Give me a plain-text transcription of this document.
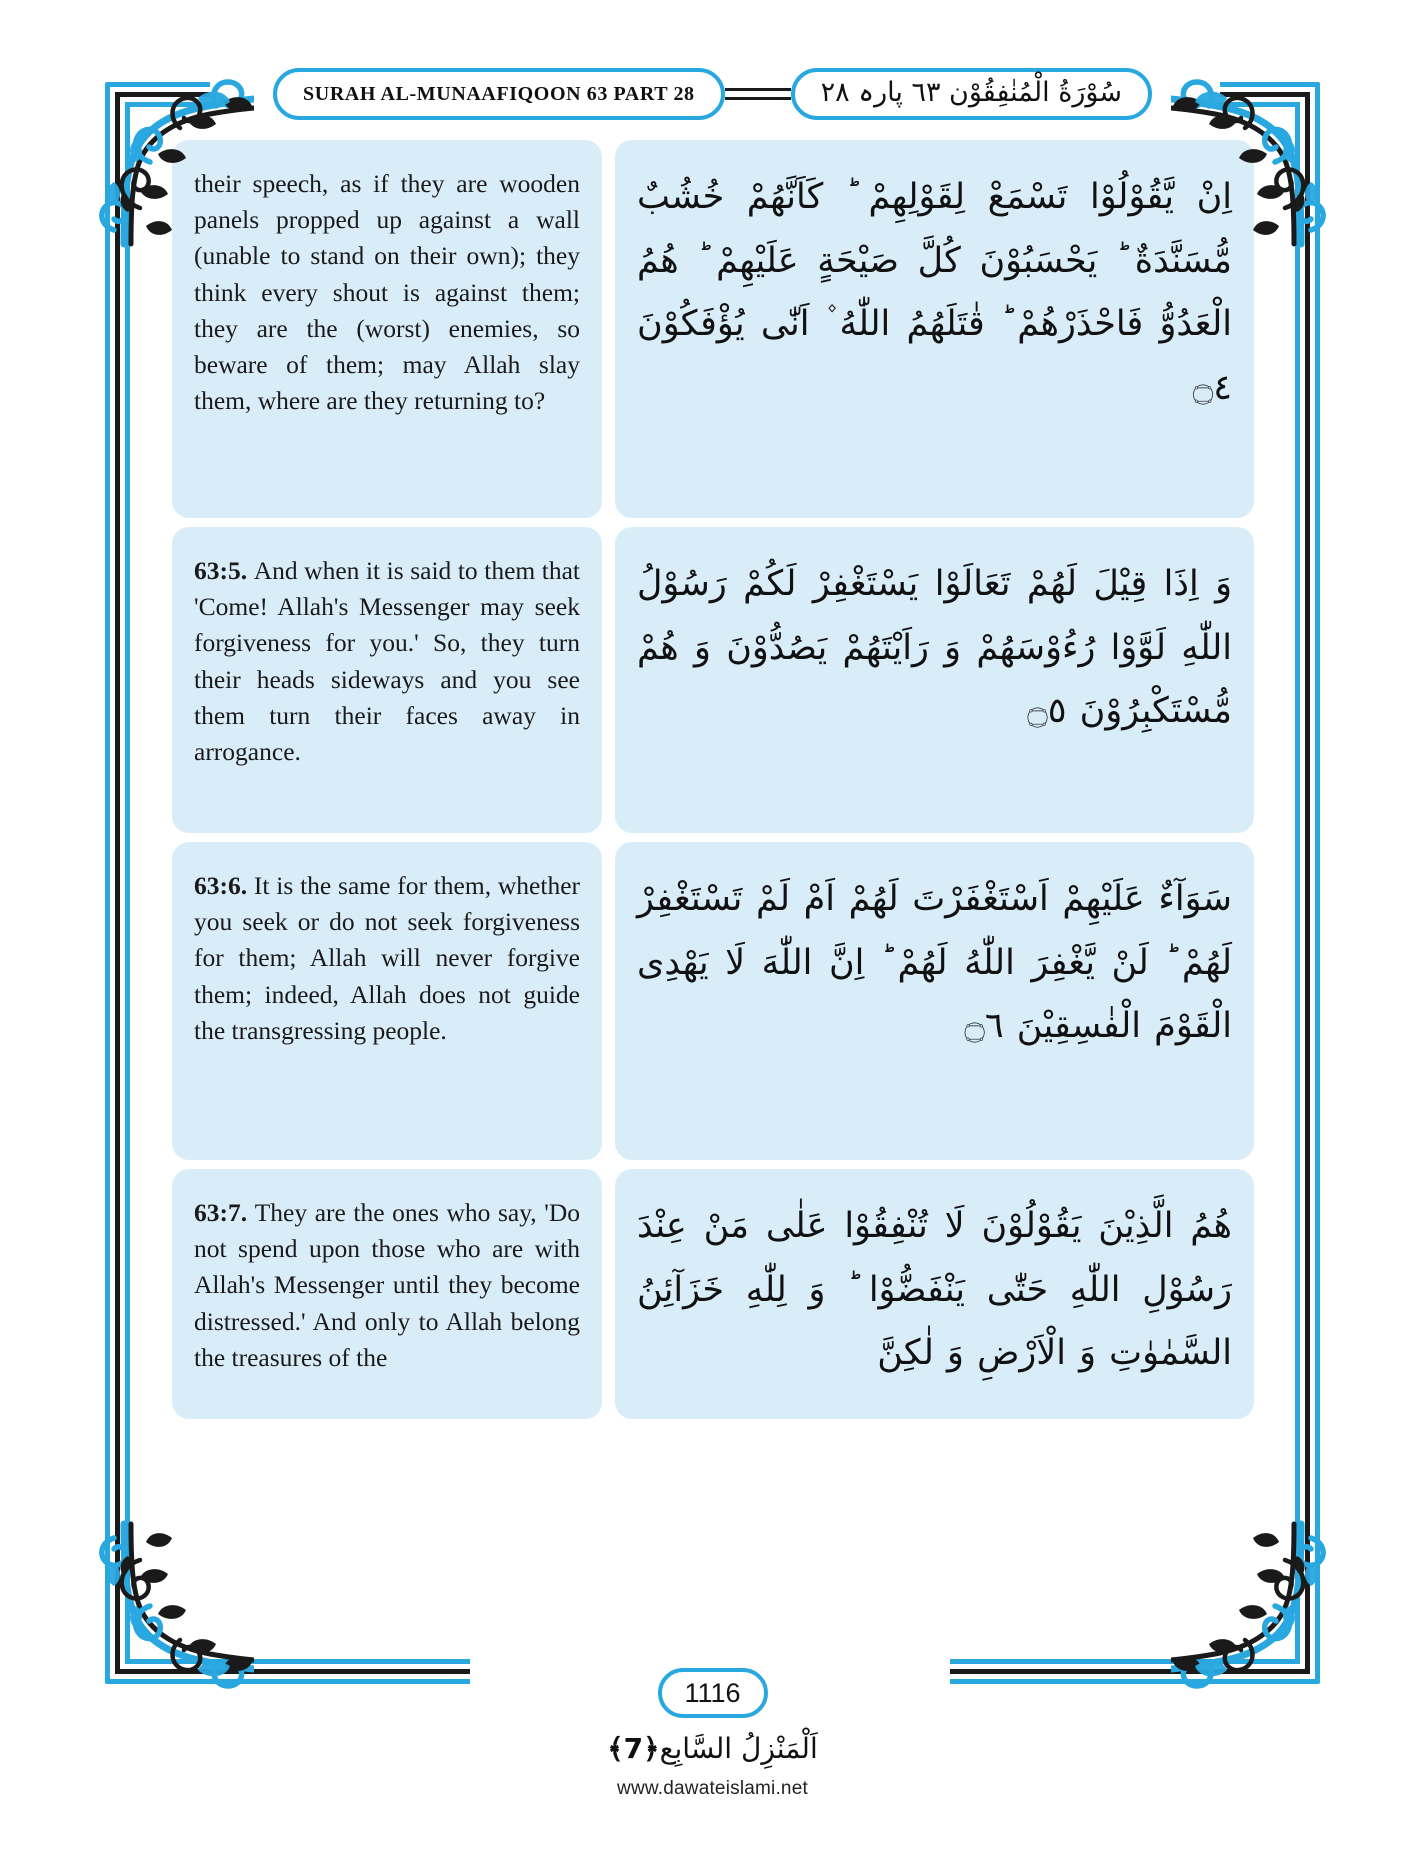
SURAH AL-MUNAAFIQOON 63 PART 28	سُوْرَةُ الْمُنٰفِقُوْن ٦٣ پارہ ٢٨
their speech, as if they are wooden panels propped up against a wall (unable to stand on their own); they think every shout is against them; they are the (worst) enemies, so beware of them; may Allah slay them, where are they returning to?
اِنْ يَّقُوْلُوْا تَسْمَعْ لِقَوْلِهِمْ ؕ كَاَنَّهُمْ خُشُبٌ مُّسَنَّدَةٌ ؕ يَحْسَبُوْنَ كُلَّ صَيْحَةٍ عَلَيْهِمْ ؕ هُمُ الْعَدُوُّ فَاحْذَرْهُمْ ؕ قٰتَلَهُمُ اللّٰهُ ۫ اَنّٰى يُؤْفَكُوْنَ ۝٤
63:5. And when it is said to them that 'Come! Allah's Messenger may seek forgiveness for you.' So, they turn their heads sideways and you see them turn their faces away in arrogance.
وَ اِذَا قِيْلَ لَهُمْ تَعَالَوْا يَسْتَغْفِرْ لَكُمْ رَسُوْلُ اللّٰهِ لَوَّوْا رُءُوْسَهُمْ وَ رَاَيْتَهُمْ يَصُدُّوْنَ وَ هُمْ مُّسْتَكْبِرُوْنَ ۝٥
63:6. It is the same for them, whether you seek or do not seek forgiveness for them; Allah will never forgive them; indeed, Allah does not guide the transgressing people.
سَوَآءٌ عَلَيْهِمْ اَسْتَغْفَرْتَ لَهُمْ اَمْ لَمْ تَسْتَغْفِرْ لَهُمْ ؕ لَنْ يَّغْفِرَ اللّٰهُ لَهُمْ ؕ اِنَّ اللّٰهَ لَا يَهْدِى الْقَوْمَ الْفٰسِقِيْنَ ۝٦
63:7. They are the ones who say, 'Do not spend upon those who are with Allah's Messenger until they become distressed.' And only to Allah belong the treasures of the
هُمُ الَّذِيْنَ يَقُوْلُوْنَ لَا تُنْفِقُوْا عَلٰى مَنْ عِنْدَ رَسُوْلِ اللّٰهِ حَتّٰى يَنْفَضُّوْا ؕ وَ لِلّٰهِ خَزَآئِنُ السَّمٰوٰتِ وَ الْاَرْضِ وَ لٰكِنَّ
1116
اَلْمَنْزِلُ السَّابِع﴿7﴾
www.dawateislami.net
